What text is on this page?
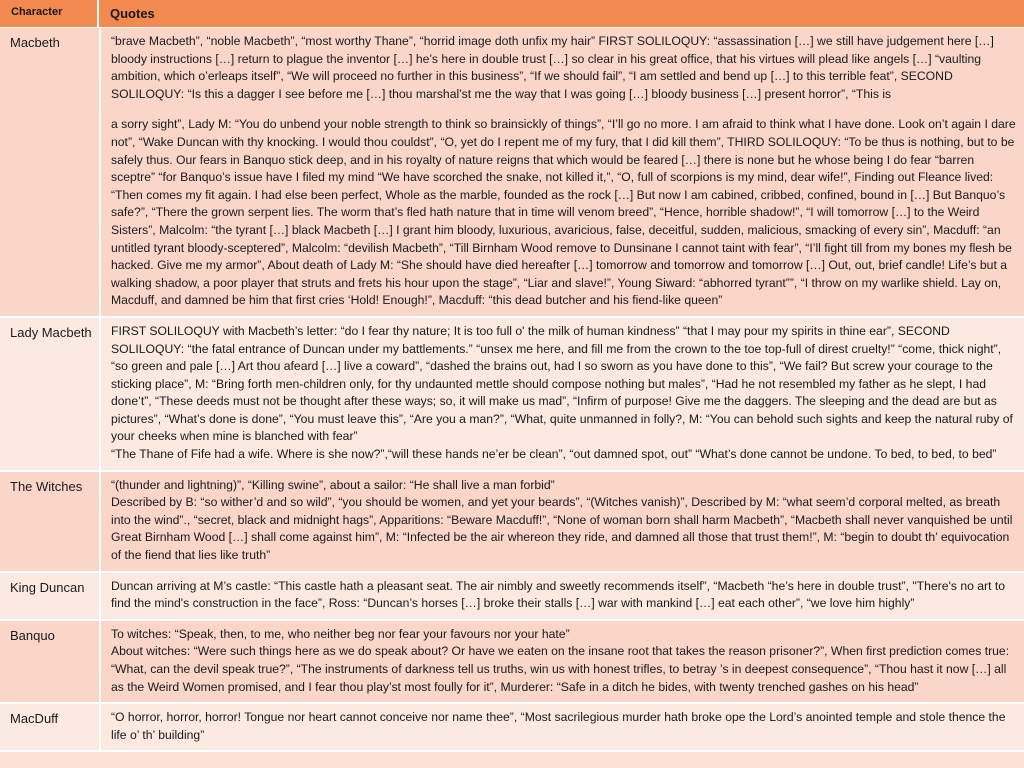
Character	Quotes
Macbeth	“brave Macbeth”, “noble Macbeth”, “most worthy Thane”, “horrid image doth unfix my hair” FIRST SOLILOQUY: “assassination […] we still have judgement here […] bloody instructions […] return to plague the inventor […] he’s here in double trust […] so clear in his great office, that his virtues will plead like angels […] “vaulting ambition, which o’erleaps itself”, “We will proceed no further in this business”, “If we should fail”, “I am settled and bend up […] to this terrible feat”, SECOND SOLILOQUY: “Is this a dagger I see before me […] thou marshal’st me the way that I was going […] bloody business […] present horror”, “This is
a sorry sight”, Lady M: “You do unbend your noble strength to think so brainsickly of things”, “I’ll go no more. I am afraid to think what I have done. Look on’t again I dare not”, “Wake Duncan with thy knocking. I would thou couldst”, “O, yet do I repent me of my fury, that I did kill them”, THIRD SOLILOQUY: “To be thus is nothing, but to be safely thus. Our fears in Banquo stick deep, and in his royalty of nature reigns that which would be feared […] there is none but he whose being I do fear “barren sceptre” “for Banquo’s issue have I filed my mind “We have scorched the snake, not killed it,”, “O, full of scorpions is my mind, dear wife!”, Finding out Fleance lived: “Then comes my fit again. I had else been perfect, Whole as the marble, founded as the rock […] But now I am cabined, cribbed, confined, bound in […] But Banquo’s safe?”, “There the grown serpent lies. The worm that’s fled hath nature that in time will venom breed”, “Hence, horrible shadow!”, “I will tomorrow […] to the Weird Sisters”, Malcolm: “the tyrant […] black Macbeth […] I grant him bloody, luxurious, avaricious, false, deceitful, sudden, malicious, smacking of every sin”, Macduff: “an untitled tyrant bloody-sceptered”, Malcolm: “devilish Macbeth”, “Till Birnham Wood remove to Dunsinane I cannot taint with fear”, “I’ll fight till from my bones my flesh be hacked. Give me my armor”, About death of Lady M: “She should have died hereafter […] tomorrow and tomorrow and tomorrow […] Out, out, brief candle! Life’s but a walking shadow, a poor player that struts and frets his hour upon the stage”, “Liar and slave!”, Young Siward: “abhorred tyrant””, “I throw on my warlike shield. Lay on, Macduff, and damned be him that first cries ‘Hold! Enough!”, Macduff: “this dead butcher and his fiend-like queen”
Lady Macbeth	FIRST SOLILOQUY with Macbeth’s letter: “do I fear thy nature; It is too full o' the milk of human kindness” “that I may pour my spirits in thine ear”, SECOND SOLILOQUY: “the fatal entrance of Duncan under my battlements.” “unsex me here, and fill me from the crown to the toe top-full of direst cruelty!” “come, thick night”, “so green and pale […] Art thou afeard […] live a coward”, “dashed the brains out, had I so sworn as you have done to this”, “We fail? But screw your courage to the sticking place”, M: “Bring forth men-children only, for thy undaunted mettle should compose nothing but males”, “Had he not resembled my father as he slept, I had done’t”, “These deeds must not be thought after these ways; so, it will make us mad”, “Infirm of purpose! Give me the daggers. The sleeping and the dead are but as pictures”, “What’s done is done”, “You must leave this”, “Are you a man?”, “What, quite unmanned in folly?, M: “You can behold such sights and keep the natural ruby of your cheeks when mine is blanched with fear”
“The Thane of Fife had a wife. Where is she now?”,“will these hands ne’er be clean”, “out damned spot, out” “What’s done cannot be undone. To bed, to bed, to bed”
The Witches	“(thunder and lightning)”, “Killing swine”, about a sailor: “He shall live a man forbid”
Described by B: “so wither’d and so wild”, “you should be women, and yet your beards”, “(Witches vanish)”, Described by M: “what seem’d corporal melted, as breath into the wind”., “secret, black and midnight hags”, Apparitions: “Beware Macduff!”, “None of woman born shall harm Macbeth”, “Macbeth shall never vanquished be until Great Birnham Wood […] shall come against him”, M: “Infected be the air whereon they ride, and damned all those that trust them!”, M: “begin to doubt th’ equivocation of the fiend that lies like truth”
King Duncan	Duncan arriving at M’s castle: “This castle hath a pleasant seat. The air nimbly and sweetly recommends itself”, “Macbeth “he’s here in double trust”, "There's no art to find the mind's construction in the face”, Ross: “Duncan’s horses […] broke their stalls […] war with mankind […] eat each other”, “we love him highly”
Banquo	To witches: “Speak, then, to me, who neither beg nor fear your favours nor your hate”
About witches: “Were such things here as we do speak about? Or have we eaten on the insane root that takes the reason prisoner?”, When first prediction comes true: “What, can the devil speak true?”, “The instruments of darkness tell us truths, win us with honest trifles, to betray ’s in deepest consequence”, “Thou hast it now […] all as the Weird Women promised, and I fear thou play’st most foully for it”, Murderer: “Safe in a ditch he bides, with twenty trenched gashes on his head”
MacDuff	“O horror, horror, horror! Tongue nor heart cannot conceive nor name thee”, “Most sacrilegious murder hath broke ope the Lord’s anointed temple and stole thence the life o’ th’ building”
